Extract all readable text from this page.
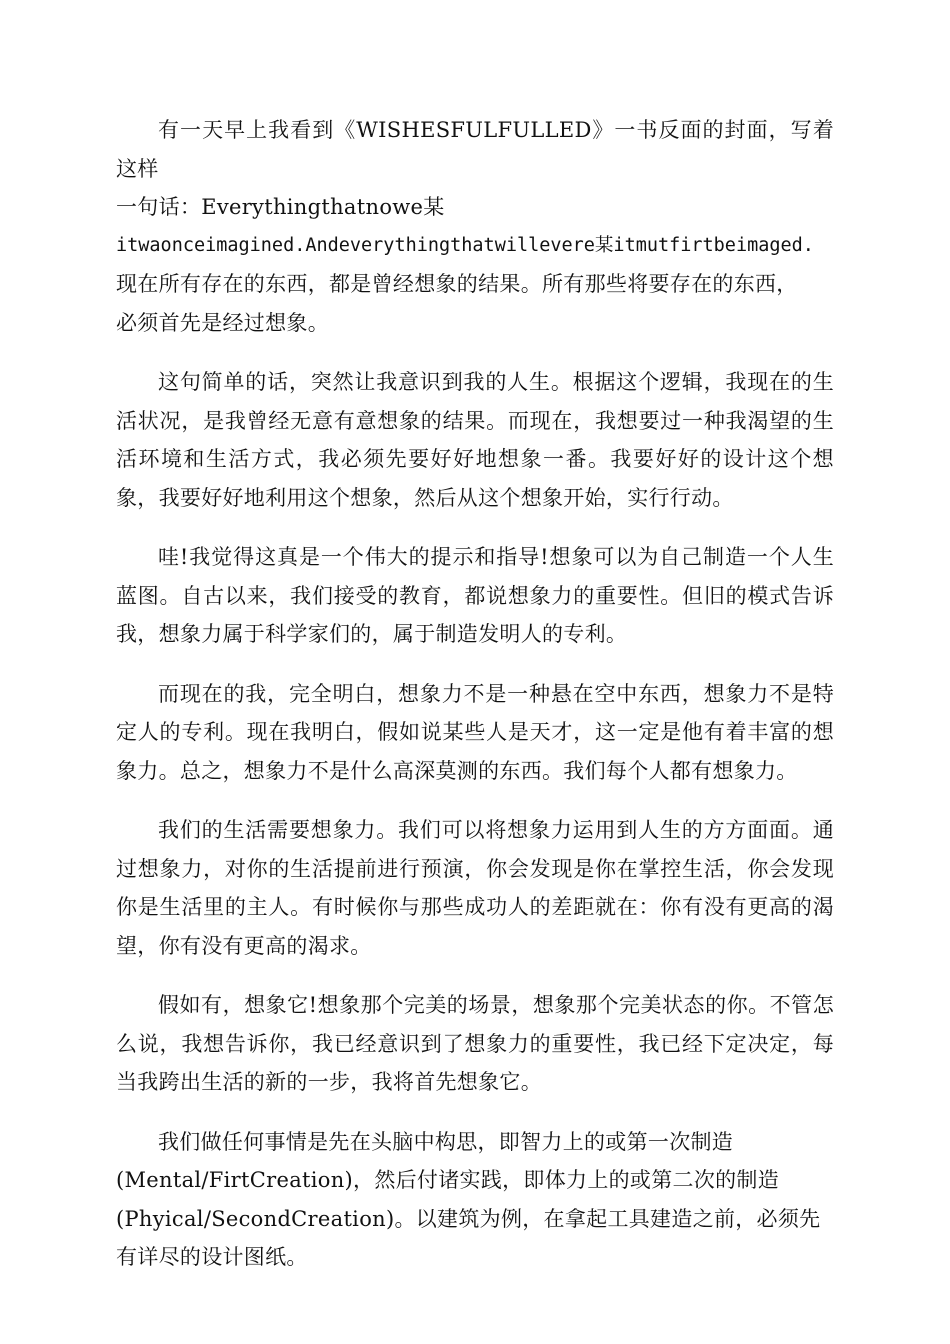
有一天早上我看到《WISHESFULFULLED》一书反面的封面，写着这样
一句话：Everythingthatnowe某
itwaonceimagined.Andeverythingthatwillevere某itmutfirtbeimaged.
现在所有存在的东西，都是曾经想象的结果。所有那些将要存在的东西，
必须首先是经过想象。

这句简单的话，突然让我意识到我的人生。根据这个逻辑，我现在的生活状况，是我曾经无意有意想象的结果。而现在，我想要过一种我渴望的生活环境和生活方式，我必须先要好好地想象一番。我要好好的设计这个想象，我要好好地利用这个想象，然后从这个想象开始，实行行动。

哇!我觉得这真是一个伟大的提示和指导!想象可以为自己制造一个人生蓝图。自古以来，我们接受的教育，都说想象力的重要性。但旧的模式告诉我，想象力属于科学家们的，属于制造发明人的专利。

而现在的我，完全明白，想象力不是一种悬在空中东西，想象力不是特定人的专利。现在我明白，假如说某些人是天才，这一定是他有着丰富的想象力。总之，想象力不是什么高深莫测的东西。我们每个人都有想象力。

我们的生活需要想象力。我们可以将想象力运用到人生的方方面面。通过想象力，对你的生活提前进行预演，你会发现是你在掌控生活，你会发现你是生活里的主人。有时候你与那些成功人的差距就在：你有没有更高的渴望，你有没有更高的渴求。

假如有，想象它!想象那个完美的场景，想象那个完美状态的你。不管怎么说，我想告诉你，我已经意识到了想象力的重要性，我已经下定决定，每当我跨出生活的新的一步，我将首先想象它。

我们做任何事情是先在头脑中构思，即智力上的或第一次制造
(Mental/FirtCreation)，然后付诸实践，即体力上的或第二次的制造
(Phyical/SecondCreation)。以建筑为例，在拿起工具建造之前，必须先
有详尽的设计图纸。
